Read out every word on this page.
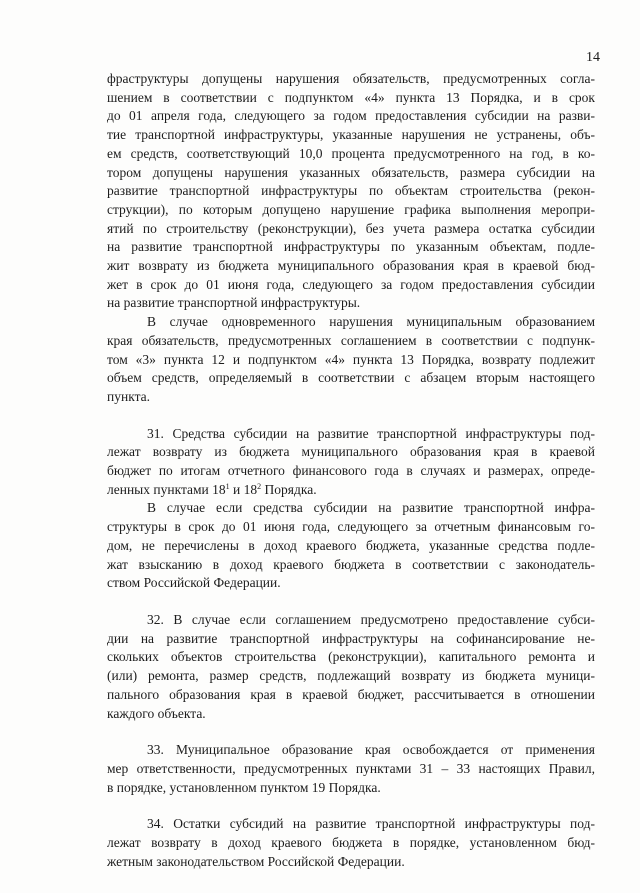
14
фраструктуры допущены нарушения обязательств, предусмотренных согла-
шением в соответствии с подпунктом «4» пункта 13 Порядка, и в срок
до 01 апреля года, следующего за годом предоставления субсидии на разви-
тие транспортной инфраструктуры, указанные нарушения не устранены, объ-
ем средств, соответствующий 10,0 процента предусмотренного на год, в ко-
тором допущены нарушения указанных обязательств, размера субсидии на
развитие транспортной инфраструктуры по объектам строительства (рекон-
струкции), по которым допущено нарушение графика выполнения меропри-
ятий по строительству (реконструкции), без учета размера остатка субсидии
на развитие транспортной инфраструктуры по указанным объектам, подле-
жит возврату из бюджета муниципального образования края в краевой бюд-
жет в срок до 01 июня года, следующего за годом предоставления субсидии
на развитие транспортной инфраструктуры.
В случае одновременного нарушения муниципальным образованием
края обязательств, предусмотренных соглашением в соответствии с подпунк-
том «3» пункта 12 и подпунктом «4» пункта 13 Порядка, возврату подлежит
объем средств, определяемый в соответствии с абзацем вторым настоящего
пункта.
31. Средства субсидии на развитие транспортной инфраструктуры под-
лежат возврату из бюджета муниципального образования края в краевой
бюджет по итогам отчетного финансового года в случаях и размерах, опреде-
ленных пунктами $18^1$ и $18^2$ Порядка.
В случае если средства субсидии на развитие транспортной инфра-
структуры в срок до 01 июня года, следующего за отчетным финансовым го-
дом, не перечислены в доход краевого бюджета, указанные средства подле-
жат взысканию в доход краевого бюджета в соответствии с законодатель-
ством Российской Федерации.
32. В случае если соглашением предусмотрено предоставление субси-
дии на развитие транспортной инфраструктуры на софинансирование не-
скольких объектов строительства (реконструкции), капитального ремонта и
(или) ремонта, размер средств, подлежащий возврату из бюджета муници-
пального образования края в краевой бюджет, рассчитывается в отношении
каждого объекта.
33. Муниципальное образование края освобождается от применения
мер ответственности, предусмотренных пунктами 31 – 33 настоящих Правил,
в порядке, установленном пунктом 19 Порядка.
34. Остатки субсидий на развитие транспортной инфраструктуры под-
лежат возврату в доход краевого бюджета в порядке, установленном бюд-
жетным законодательством Российской Федерации.
